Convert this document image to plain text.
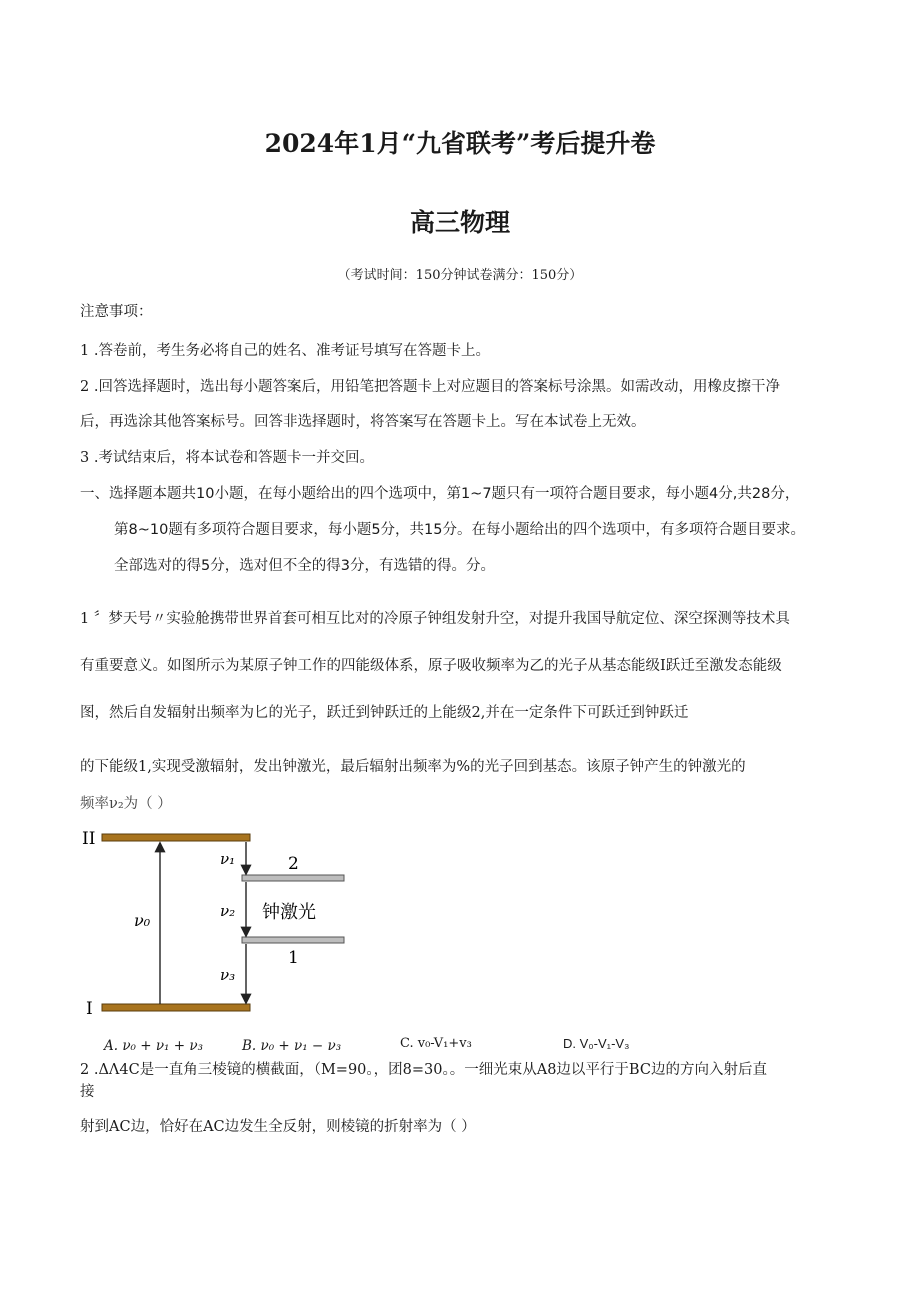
2024年1月“九省联考”考后提升卷
高三物理
（考试时间：150分钟试卷满分：150分）
注意事项：
1 .答卷前，考生务必将自己的姓名、准考证号填写在答题卡上。
2 .回答选择题时，选出每小题答案后，用铅笔把答题卡上对应题目的答案标号涂黑。如需改动，用橡皮擦干净
后，再选涂其他答案标号。回答非选择题时，将答案写在答题卡上。写在本试卷上无效。
3 .考试结束后，将本试卷和答题卡一并交回。
一、选择题本题共10小题，在每小题给出的四个选项中，第1~7题只有一项符合题目要求，每小题4分,共28分，
第8~10题有多项符合题目要求，每小题5分，共15分。在每小题给出的四个选项中，有多项符合题目要求。
全部选对的得5分，选对但不全的得3分，有选错的得。分。
1 〞梦天号〃实验舱携带世界首套可相互比对的冷原子钟组发射升空，对提升我国导航定位、深空探测等技术具
有重要意义。如图所示为某原子钟工作的四能级体系，原子吸收频率为乙的光子从基态能级I跃迁至激发态能级
图，然后自发辐射出频率为匕的光子，跃迁到钟跃迁的上能级2,并在一定条件下可跃迁到钟跃迁
的下能级1,实现受激辐射，发出钟激光，最后辐射出频率为%的光子回到基态。该原子钟产生的钟激光的
频率ν₂为（ ）
II
I
2
1
ν₀
ν₁
ν₂
ν₃
钟激光
A. ν₀ + ν₁ + ν₃	B. ν₀ + ν₁ − ν₃	C. v₀-V₁+v₃	D. V₀-V₁-V₃
2 .ΔΛ4C是一直角三棱镜的横截面，（M=90。，团8=30。。一细光束从A8边以平行于BC边的方向入射后直
接
射到AC边，恰好在AC边发生全反射，则棱镜的折射率为（ ）
